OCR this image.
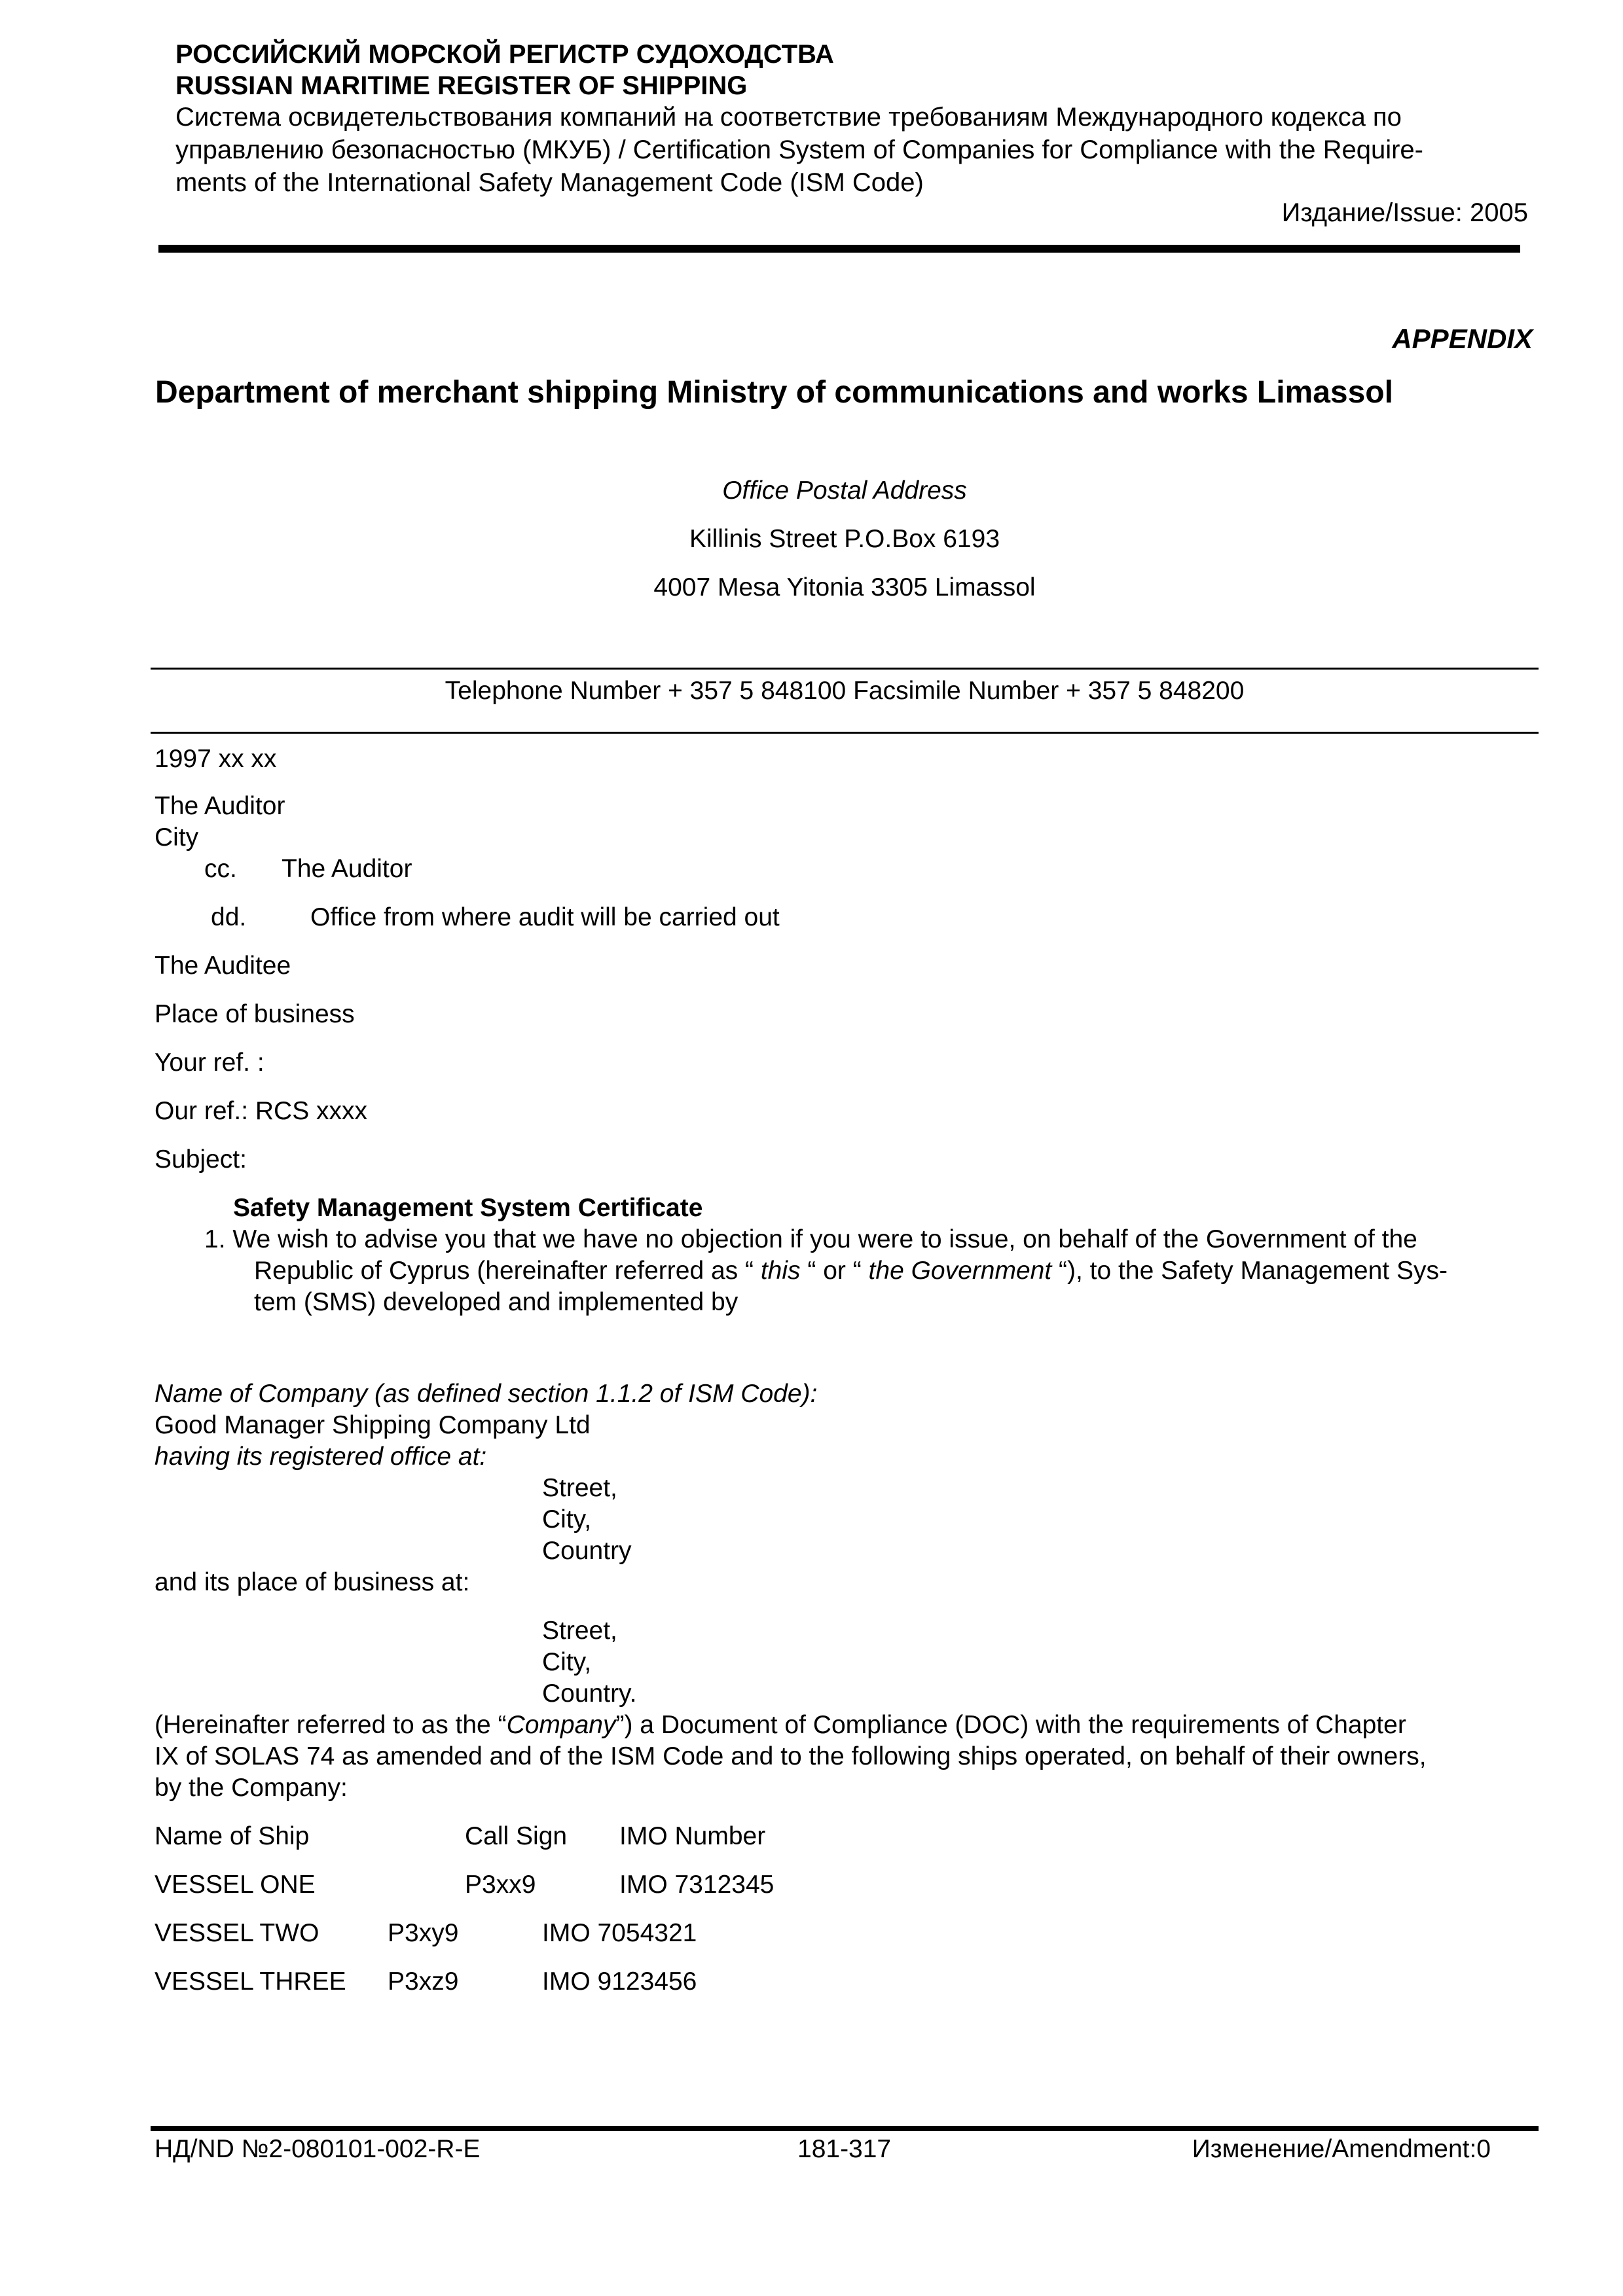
РОССИЙСКИЙ МОРСКОЙ РЕГИСТР СУДОХОДСТВА
RUSSIAN MARITIME REGISTER OF SHIPPING
Система освидетельствования компаний на соответствие требованиям Международного кодекса по
управлению безопасностью (МКУБ) / Certification System of Companies for Compliance with the Require-
ments of the International Safety Management Code (ISM Code)
Издание/Issue: 2005
APPENDIX
Department of merchant shipping Ministry of communications and works Limassol
Office Postal Address
Killinis Street P.O.Box 6193
4007 Mesa Yitonia 3305 Limassol
Telephone Number + 357 5 848100 Facsimile Number + 357 5 848200
1997 xx xx
The Auditor
City
cc. The Auditor
dd.	Office from where audit will be carried out
The Auditee
Place of business
Your ref. :
Our ref.: RCS xxxx
Subject:
Safety Management System Certificate
1. We wish to advise you that we have no objection if you were to issue, on behalf of the Government of the
Republic of Cyprus (hereinafter referred as “ this “ or “ the Government “), to the Safety Management Sys-
tem (SMS) developed and implemented by
Name of Company (as defined section 1.1.2 of ISM Code):
Good Manager Shipping Company Ltd
having its registered office at:
Street,
City,
Country
and its place of business at:
Street,
City,
Country.
(Hereinafter referred to as the “Company”) a Document of Compliance (DOC) with the requirements of Chapter
IX of SOLAS 74 as amended and of the ISM Code and to the following ships operated, on behalf of their owners,
by the Company:
Name of Ship	Call Sign IMO Number
VESSEL ONE	P3xx9	IMO 7312345
VESSEL TWO	P3xy9	IMO 7054321
VESSEL THREE P3xz9	IMO 9123456
НД/ND №2-080101-002-R-E	181-317	Изменение/Amendment:0
